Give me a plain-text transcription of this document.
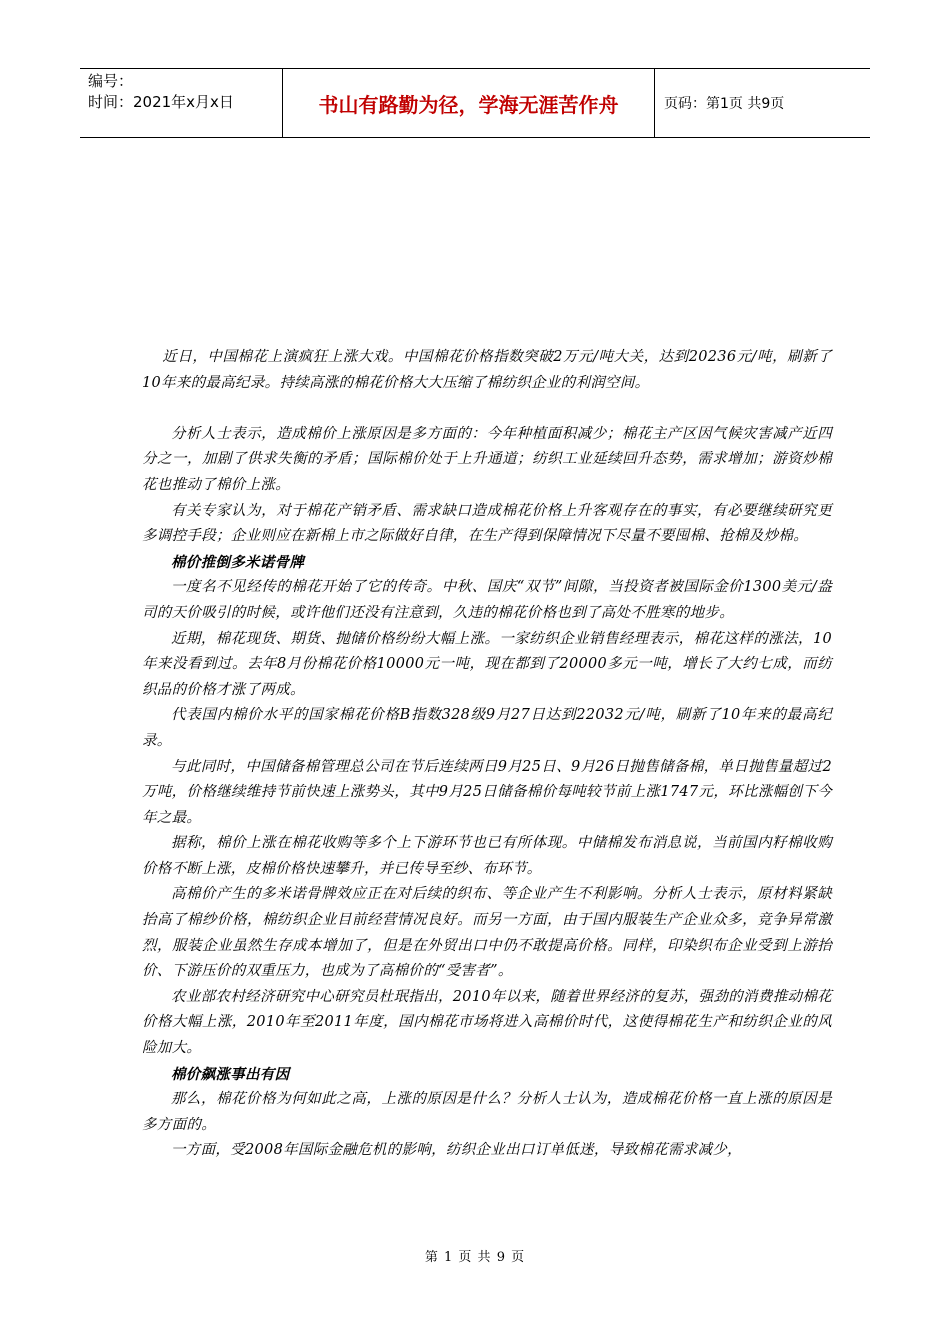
编号：
时间：2021年x月x日	书山有路勤为径，学海无涯苦作舟	页码：第1页 共9页

近日，中国棉花上演疯狂上涨大戏。中国棉花价格指数突破2万元/吨大关，达到20236元/吨，刷新了10年来的最高纪录。持续高涨的棉花价格大大压缩了棉纺织企业的利润空间。

分析人士表示，造成棉价上涨原因是多方面的：今年种植面积减少；棉花主产区因气候灾害减产近四分之一，加剧了供求失衡的矛盾；国际棉价处于上升通道；纺织工业延续回升态势，需求增加；游资炒棉花也推动了棉价上涨。

有关专家认为，对于棉花产销矛盾、需求缺口造成棉花价格上升客观存在的事实，有必要继续研究更多调控手段；企业则应在新棉上市之际做好自律，在生产得到保障情况下尽量不要囤棉、抢棉及炒棉。

棉价推倒多米诺骨牌

一度名不见经传的棉花开始了它的传奇。中秋、国庆“双节”间隙，当投资者被国际金价1300美元/盎司的天价吸引的时候，或许他们还没有注意到，久违的棉花价格也到了高处不胜寒的地步。

近期，棉花现货、期货、抛储价格纷纷大幅上涨。一家纺织企业销售经理表示，棉花这样的涨法，10年来没看到过。去年8月份棉花价格10000元一吨，现在都到了20000多元一吨，增长了大约七成，而纺织品的价格才涨了两成。

代表国内棉价水平的国家棉花价格B指数328级9月27日达到22032元/吨，刷新了10年来的最高纪录。

与此同时，中国储备棉管理总公司在节后连续两日9月25日、9月26日抛售储备棉，单日抛售量超过2万吨，价格继续维持节前快速上涨势头，其中9月25日储备棉价每吨较节前上涨1747元，环比涨幅创下今年之最。

据称，棉价上涨在棉花收购等多个上下游环节也已有所体现。中储棉发布消息说，当前国内籽棉收购价格不断上涨，皮棉价格快速攀升，并已传导至纱、布环节。

高棉价产生的多米诺骨牌效应正在对后续的织布、等企业产生不利影响。分析人士表示，原材料紧缺抬高了棉纱价格，棉纺织企业目前经营情况良好。而另一方面，由于国内服装生产企业众多，竞争异常激烈，服装企业虽然生存成本增加了，但是在外贸出口中仍不敢提高价格。同样，印染织布企业受到上游抬价、下游压价的双重压力，也成为了高棉价的“受害者”。

农业部农村经济研究中心研究员杜珉指出，2010年以来，随着世界经济的复苏，强劲的消费推动棉花价格大幅上涨，2010年至2011年度，国内棉花市场将进入高棉价时代，这使得棉花生产和纺织企业的风险加大。

棉价飙涨事出有因

那么，棉花价格为何如此之高，上涨的原因是什么？分析人士认为，造成棉花价格一直上涨的原因是多方面的。

一方面，受2008年国际金融危机的影响，纺织企业出口订单低迷，导致棉花需求减少，

第 1 页 共 9 页
